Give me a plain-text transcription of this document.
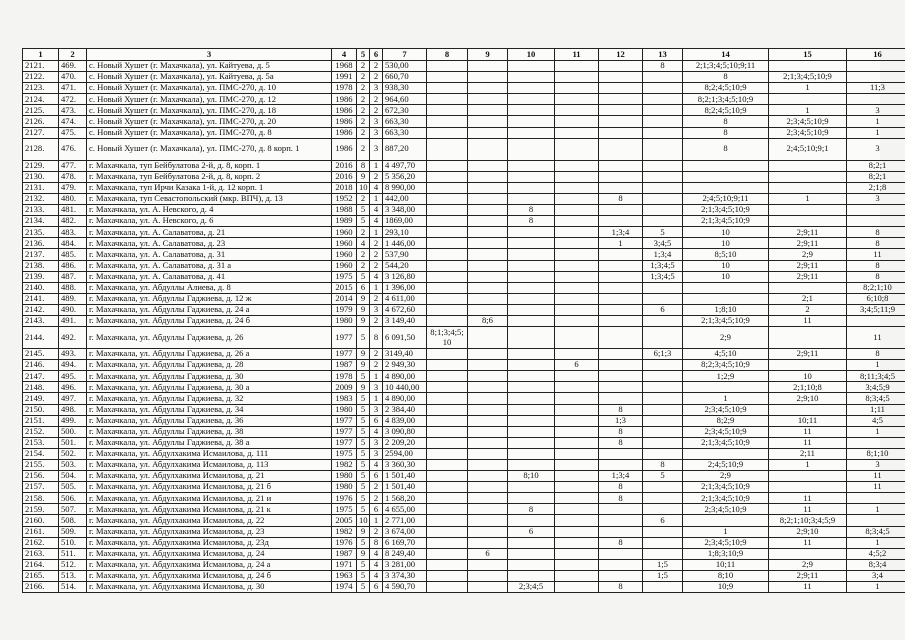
1	2	3	4	5	6	7	8	9	10	11	12	13	14	15	16
2121.	469.	с. Новый Хушет (г. Махачкала), ул. Кайтуева, д. 5	1968	2	2	530,00						8	2;1;3;4;5;10;9;11		
2122.	470.	с. Новый Хушет (г. Махачкала), ул. Кайтуева, д. 5а	1991	2	2	660,70							8	2;1;3;4;5;10;9	
2123.	471.	с. Новый Хушет (г. Махачкала), ул. ПМС-270, д. 10	1978	2	3	938,30							8;2;4;5;10;9	1	11;3
2124.	472.	с. Новый Хушет (г. Махачкала), ул. ПМС-270, д. 12	1986	2	2	964,60							8;2;1;3;4;5;10;9		
2125.	473.	с. Новый Хушет (г. Махачкала), ул. ПМС-270, д. 18	1986	2	2	672,30							8;2;4;5;10;9	1	3
2126.	474.	с. Новый Хушет (г. Махачкала), ул. ПМС-270, д. 20	1986	2	3	663,30							8	2;3;4;5;10;9	1
2127.	475.	с. Новый Хушет (г. Махачкала), ул. ПМС-270, д. 8	1986	2	3	663,30							8	2;3;4;5;10;9	1
2128.	476.	с. Новый Хушет (г. Махачкала), ул. ПМС-270, д. 8 корп. 1	1986	2	3	887,20							8	2;4;5;10;9;1	3
2129.	477.	г. Махачкала, туп Бейбулатова 2-й, д. 8, корп. 1	2016	8	1	4 497,70									8;2;1
2130.	478.	г. Махачкала, туп Бейбулатова 2-й, д. 8, корп. 2	2016	9	2	5 356,20									8;2;1
2131.	479.	г. Махачкала, туп Ирчи Казака 1-й, д. 12 корп. 1	2018	10	4	8 990,00									2;1;8
2132.	480.	г. Махачкала, туп Севастопольский (мкр. ВПЧ), д. 13	1952	2	1	442,00					8		2;4;5;10;9;11	1	3
2133.	481.	г. Махачкала, ул. А. Невского, д. 4	1988	5	4	3 348,00			8				2;1;3;4;5;10;9		
2134.	482.	г. Махачкала, ул. А. Невского, д. 6	1989	5	4	1869,00			8				2;1;3;4;5;10;9		
2135.	483.	г. Махачкала, ул. А. Салаватова, д. 21	1960	2	1	293,10					1;3;4	5	10	2;9;11	8
2136.	484.	г. Махачкала, ул. А. Салаватова, д. 23	1960	4	2	1 446,00					1	3;4;5	10	2;9;11	8
2137.	485.	г. Махачкала, ул. А. Салаватова, д. 31	1960	2	2	537,90						1;3;4	8;5;10	2;9	11
2138.	486.	г. Махачкала, ул. А. Салаватова, д. 31 а	1960	2	2	544,20						1;3;4;5	10	2;9;11	8
2139.	487.	г. Махачкала, ул. А. Салаватова, д. 41	1975	5	4	3 126,80						1;3;4;5	10	2;9;11	8
2140.	488.	г. Махачкала, ул. Абдуллы Алиева, д. 8	2015	6	1	1 396,00									8;2;1;10
2141.	489.	г. Махачкала, ул. Абдуллы Гаджиева, д. 12 ж	2014	9	2	4 611,00								2;1	6;10;8
2142.	490.	г. Махачкала, ул. Абдуллы Гаджиева, д. 24 а	1979	9	3	4 672,60						6	1;8;10	2	3;4;5;11;9
2143.	491.	г. Махачкала, ул. Абдуллы Гаджиева, д. 24 б	1980	9	2	3 149,40		8;6					2;1;3;4;5;10;9	11	
2144.	492.	г. Махачкала, ул. Абдуллы Гаджиева, д. 26	1977	5	8	6 091,50	8;1;3;4;5; 10						2;9		11
2145.	493.	г. Махачкала, ул. Абдуллы Гаджиева, д. 26 а	1977	9	2	3149,40						6;1;3	4;5;10	2;9;11	8
2146.	494.	г. Махачкала, ул. Абдуллы Гаджиева, д. 28	1987	9	2	2 949,30				6			8;2;3;4;5;10;9		1
2147.	495.	г. Махачкала, ул. Абдуллы Гаджиева, д. 30	1978	5	1	4 890,00							1;2;9	10	8;11;3;4;5
2148.	496.	г. Махачкала, ул. Абдуллы Гаджиева, д. 30 а	2009	9	3	10 440,00								2;1;10;8	3;4;5;9
2149.	497.	г. Махачкала, ул. Абдуллы Гаджиева, д. 32	1983	5	1	4 890,00							1	2;9;10	8;3;4;5
2150.	498.	г. Махачкала, ул. Абдуллы Гаджиева, д. 34	1980	5	3	2 384,40					8		2;3;4;5;10;9		1;11
2151.	499.	г. Махачкала, ул. Абдуллы Гаджиева, д. 36	1977	5	6	4 839,00					1;3		8;2;9	10;11	4;5
2152.	500.	г. Махачкала, ул. Абдуллы Гаджиева, д. 38	1977	5	4	3 090,80					8		2;3;4;5;10;9	11	1
2153.	501.	г. Махачкала, ул. Абдуллы Гаджиева, д. 38 а	1977	5	3	2 209,20					8		2;1;3;4;5;10;9	11	
2154.	502.	г. Махачкала, ул. Абдулхакима Исмаилова, д. 111	1975	5	3	2594,00								2;11	8;1;10
2155.	503.	г. Махачкала, ул. Абдулхакима Исмаилова, д. 113	1982	5	4	3 360,30						8	2;4;5;10;9	1	3
2156.	504.	г. Махачкала, ул. Абдулхакима Исмаилова, д. 21	1980	5	6	1 501,40			8;10		1;3;4	5	2;9		11
2157.	505.	г. Махачкала, ул. Абдулхакима Исмаилова, д. 21 б	1980	5	2	1 501,40					8		2;1;3;4;5;10;9		11
2158.	506.	г. Махачкала, ул. Абдулхакима Исмаилова, д. 21 и	1976	5	2	1 568,20					8		2;1;3;4;5;10;9	11	
2159.	507.	г. Махачкала, ул. Абдулхакима Исмаилова, д. 21 к	1975	5	6	4 655,00			8				2;3;4;5;10;9	11	1
2160.	508.	г. Махачкала, ул. Абдулхакима Исмаилова, д. 22	2005	10	1	2 771,00						6		8;2;1;10;3;4;5;9	
2161.	509.	г. Махачкала, ул. Абдулхакима Исмаилова, д. 23	1982	9	2	3 674,00			6				1	2;9;10	8;3;4;5
2162.	510.	г. Махачкала, ул. Абдулхакима Исмаилова, д. 23д	1976	5	8	6 169,70					8		2;3;4;5;10;9	11	1
2163.	511.	г. Махачкала, ул. Абдулхакима Исмаилова, д. 24	1987	9	4	8 249,40		6					1;8;3;10;9		4;5;2
2164.	512.	г. Махачкала, ул. Абдулхакима Исмаилова, д. 24 а	1971	5	4	3 281,00						1;5	10;11	2;9	8;3;4
2165.	513.	г. Махачкала, ул. Абдулхакима Исмаилова, д. 24 б	1963	5	4	3 374,30						1;5	8;10	2;9;11	3;4
2166.	514.	г. Махачкала, ул. Абдулхакима Исмаилова, д. 30	1974	5	6	4 590,70			2;3;4;5		8		10;9	11	1
